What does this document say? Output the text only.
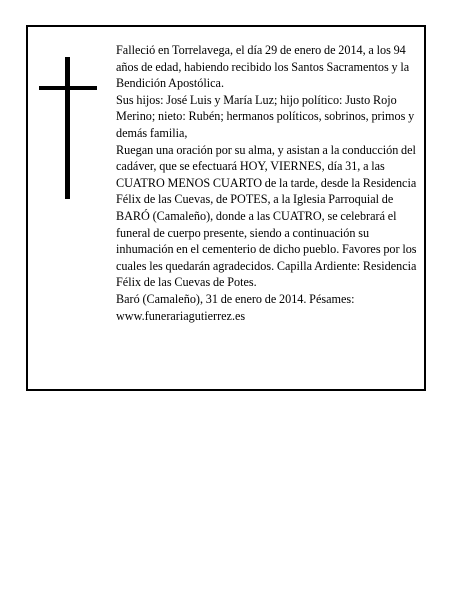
Falleció en Torrelavega, el día 29 de enero de 2014, a los 94 años de edad, habiendo recibido los Santos Sacramentos y la Bendición Apostólica.

Sus hijos: José Luis y María Luz; hijo político: Justo Rojo Merino; nieto: Rubén; hermanos políticos, sobrinos, primos y demás familia,

Ruegan una oración por su alma, y asistan a la conducción del cadáver, que se efectuará HOY, VIERNES, día 31, a las CUATRO MENOS CUARTO de la tarde, desde la Residencia Félix de las Cuevas, de POTES, a la Iglesia Parroquial de BARÓ (Camaleño), donde a las CUATRO, se celebrará el funeral de cuerpo presente, siendo a continuación su inhumación en el cementerio de dicho pueblo. Favores por los cuales les quedarán agradecidos. Capilla Ardiente: Residencia Félix de las Cuevas de Potes.

Baró (Camaleño), 31 de enero de 2014. Pésames: www.funerariagutierrez.es
